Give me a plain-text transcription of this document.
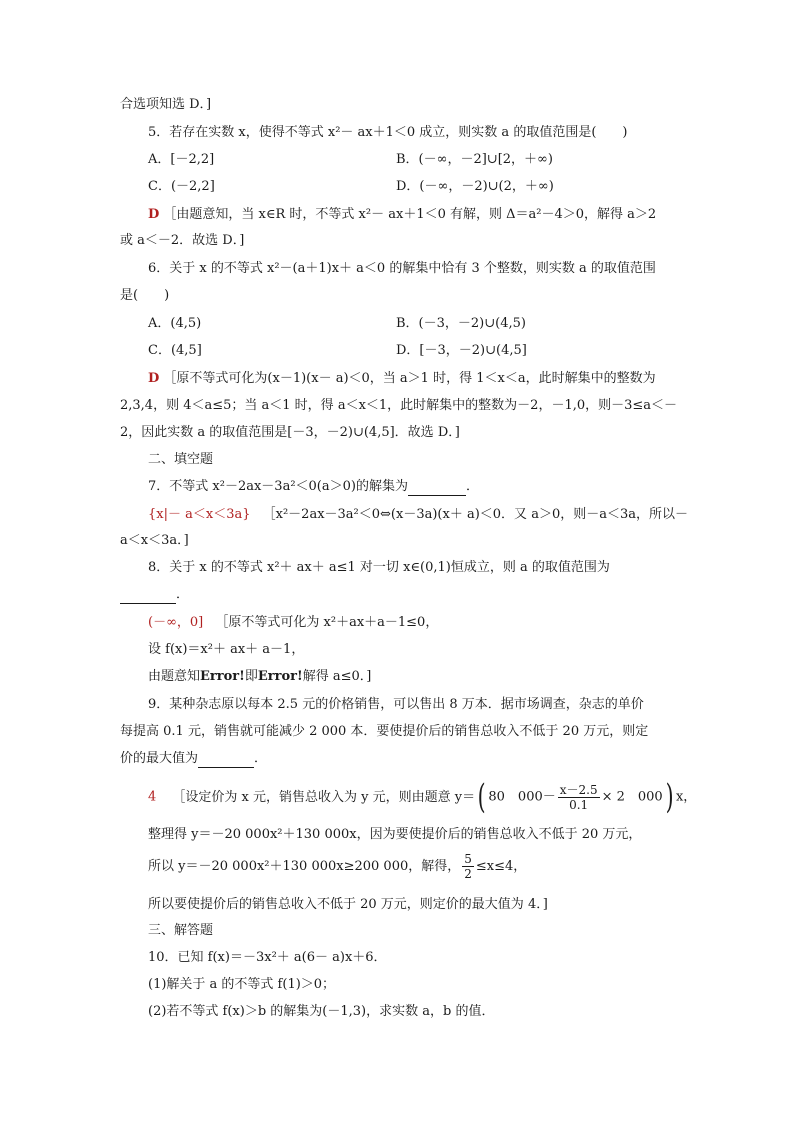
合选项知选 D．]
5．若存在实数 x，使得不等式 x²－ ax＋1＜0 成立，则实数 a 的取值范围是(　　)
A．[－2,2]	B．(－∞，－2]∪[2，＋∞)
C．(－2,2]	D．(－∞，－2)∪(2，＋∞)
D ［由题意知，当 x∈R 时，不等式 x²－ ax＋1＜0 有解，则 Δ＝a²－4＞0，解得 a＞2
或 a＜－2．故选 D．]
6．关于 x 的不等式 x²－(a＋1)x＋ a＜0 的解集中恰有 3 个整数，则实数 a 的取值范围
是(　　)
A．(4,5)	B．(－3，－2)∪(4,5)
C．(4,5]	D．[－3，－2)∪(4,5]
D ［原不等式可化为(x－1)(x－ a)＜0，当 a＞1 时，得 1＜x＜a，此时解集中的整数为
2,3,4，则 4＜a≤5；当 a＜1 时，得 a＜x＜1，此时解集中的整数为－2，－1,0，则－3≤a＜－
2，因此实数 a 的取值范围是[－3，－2)∪(4,5]．故选 D．]
二、填空题
7．不等式 x²－2ax－3a²＜0(a＞0)的解集为	．
{x|－ a＜x＜3a} ［x²－2ax－3a²＜0⇔(x－3a)(x＋ a)＜0．又 a＞0，则－a＜3a，所以－
a＜x＜3a．]
8．关于 x 的不等式 x²＋ ax＋ a≤1 对一切 x∈(0,1)恒成立，则 a 的取值范围为
．
(－∞，0] ［原不等式可化为 x²＋ax＋a－1≤0，
设 f(x)＝x²＋ ax＋ a－1，
由题意知Error!即Error!解得 a≤0．]
9．某种杂志原以每本 2.5 元的价格销售，可以售出 8 万本．据市场调查，杂志的单价
每提高 0.1 元，销售就可能减少 2 000 本．要使提价后的销售总收入不低于 20 万元，则定
价的最大值为	．
4 ［设定价为 x 元，销售总收入为 y 元，则由题意 y＝( 80　$000- \frac{x-2.5}{0.1} \times 2$　000) x，
整理得 y＝－20 000x²＋130 000x，因为要使提价后的销售总收入不低于 20 万元，
所以 y＝－20 000x²＋130 000x≥200 000，解得， $\frac{5}{2} \le x\le 4$，
所以要使提价后的销售总收入不低于 20 万元，则定价的最大值为 4．]
三、解答题
10．已知 f(x)＝－3x²＋ a(6－ a)x＋6．
(1)解关于 a 的不等式 f(1)＞0；
(2)若不等式 f(x)＞b 的解集为(－1,3)，求实数 a，b 的值．
